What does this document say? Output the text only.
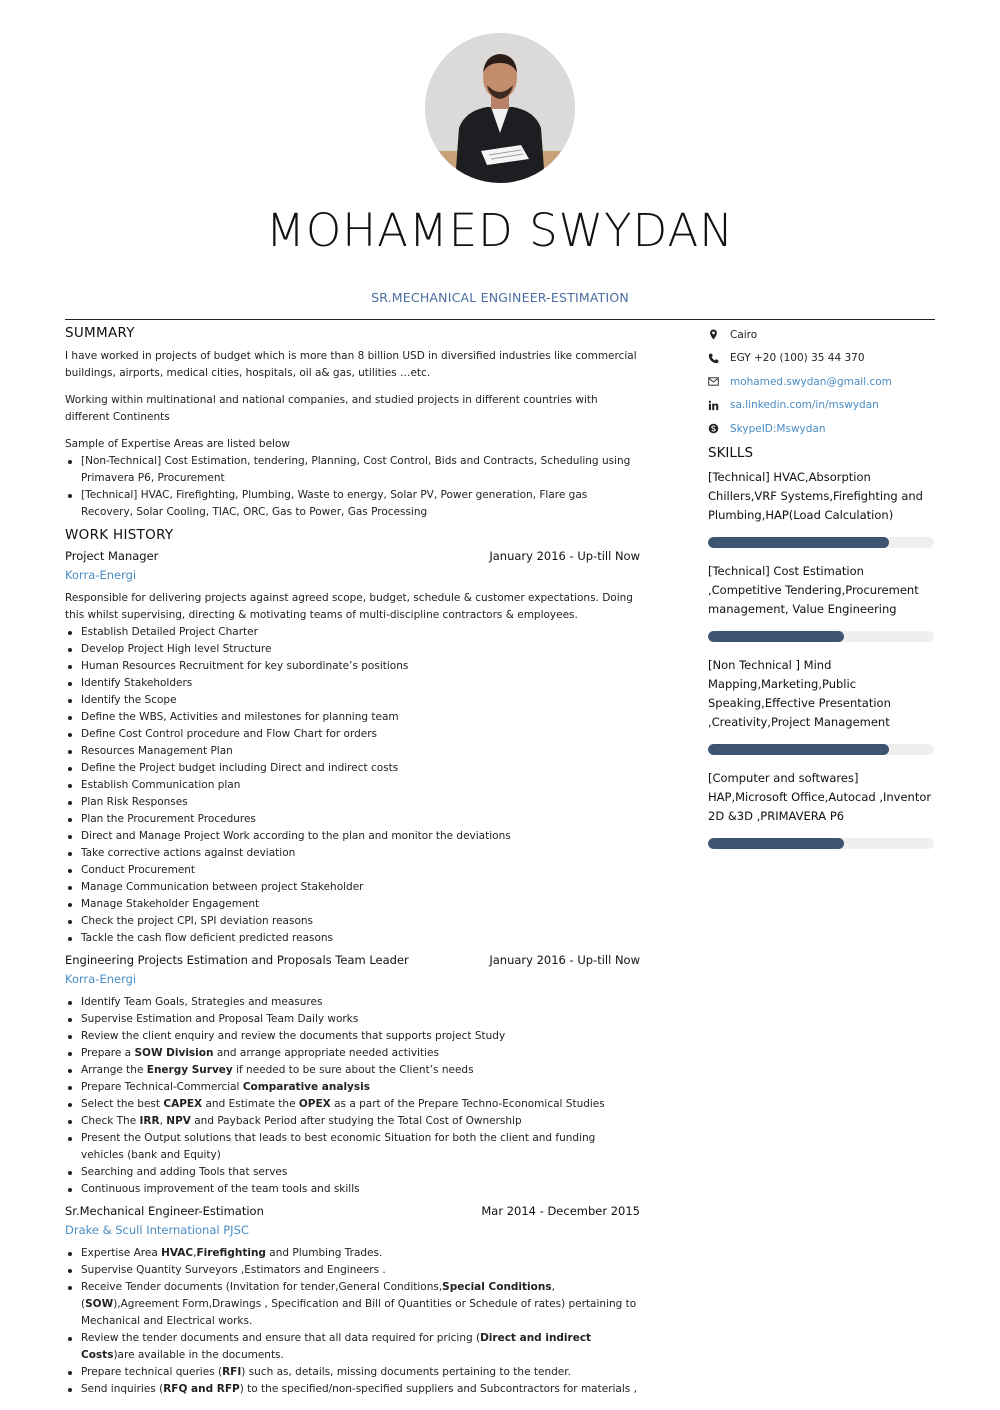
MOHAMED SWYDAN
SR.MECHANICAL ENGINEER-ESTIMATION
SUMMARY

I have worked in projects of budget which is more than 8 billion USD in diversified industries like commercial buildings, airports, medical cities, hospitals, oil a& gas, utilities …etc.

Working within multinational and national companies, and studied projects in different countries with different Continents

Sample of Expertise Areas are listed below

[Non-Technical] Cost Estimation, tendering, Planning, Cost Control, Bids and Contracts, Scheduling using Primavera P6, Procurement
[Technical] HVAC, Firefighting, Plumbing, Waste to energy, Solar PV, Power generation, Flare gas Recovery, Solar Cooling, TIAC, ORC, Gas to Power, Gas Processing
WORK HISTORY
Project Manager	January 2016 - Up-till Now
Korra-Energi

Responsible for delivering projects against agreed scope, budget, schedule & customer expectations. Doing this whilst supervising, directing & motivating teams of multi-discipline contractors & employees.

Establish Detailed Project Charter
Develop Project High level Structure
Human Resources Recruitment for key subordinate’s positions
Identify Stakeholders
Identify the Scope
Define the WBS, Activities and milestones for planning team
Define Cost Control procedure and Flow Chart for orders
Resources Management Plan
Define the Project budget including Direct and indirect costs
Establish Communication plan
Plan Risk Responses
Plan the Procurement Procedures
Direct and Manage Project Work according to the plan and monitor the deviations
Take corrective actions against deviation
Conduct Procurement
Manage Communication between project Stakeholder
Manage Stakeholder Engagement
Check the project CPI, SPI deviation reasons
Tackle the cash flow deficient predicted reasons
Engineering Projects Estimation and Proposals Team Leader	January 2016 - Up-till Now
Korra-Energi
Identify Team Goals, Strategies and measures
Supervise Estimation and Proposal Team Daily works
Review the client enquiry and review the documents that supports project Study
Prepare a SOW Division and arrange appropriate needed activities
Arrange the Energy Survey if needed to be sure about the Client’s needs
Prepare Technical-Commercial Comparative analysis
Select the best CAPEX and Estimate the OPEX as a part of the Prepare Techno-Economical Studies
Check The IRR, NPV and Payback Period after studying the Total Cost of Ownership
Present the Output solutions that leads to best economic Situation for both the client and funding vehicles (bank and Equity)
Searching and adding Tools that serves
Continuous improvement of the team tools and skills
Sr.Mechanical Engineer-Estimation	Mar 2014 - December 2015
Drake & Scull International PJSC
Expertise Area HVAC,Firefighting and Plumbing Trades.
Supervise Quantity Surveyors ,Estimators and Engineers .
Receive Tender documents (Invitation for tender,General Conditions,Special Conditions,(SOW),Agreement Form,Drawings , Specification and Bill of Quantities or Schedule of rates) pertaining to Mechanical and Electrical works.
Review the tender documents and ensure that all data required for pricing (Direct and indirect Costs)are available in the documents.
Prepare technical queries (RFI) such as, details, missing documents pertaining to the tender.
Send inquiries (RFQ and RFP) to the specified/non-specified suppliers and Subcontractors for materials ,
Cairo
EGY +20 (100) 35 44 370
mohamed.swydan@gmail.com
sa.linkedin.com/in/mswydan
SkypeID:Mswydan
SKILLS
[Technical] HVAC,Absorption Chillers,VRF Systems,Firefighting and Plumbing,HAP(Load Calculation)
[Technical] Cost Estimation ,Competitive Tendering,Procurement management, Value Engineering
[Non Technical ] Mind Mapping,Marketing,Public Speaking,Effective Presentation ,Creativity,Project Management
[Computer and softwares] HAP,Microsoft Office,Autocad ,Inventor 2D &3D ,PRIMAVERA P6
